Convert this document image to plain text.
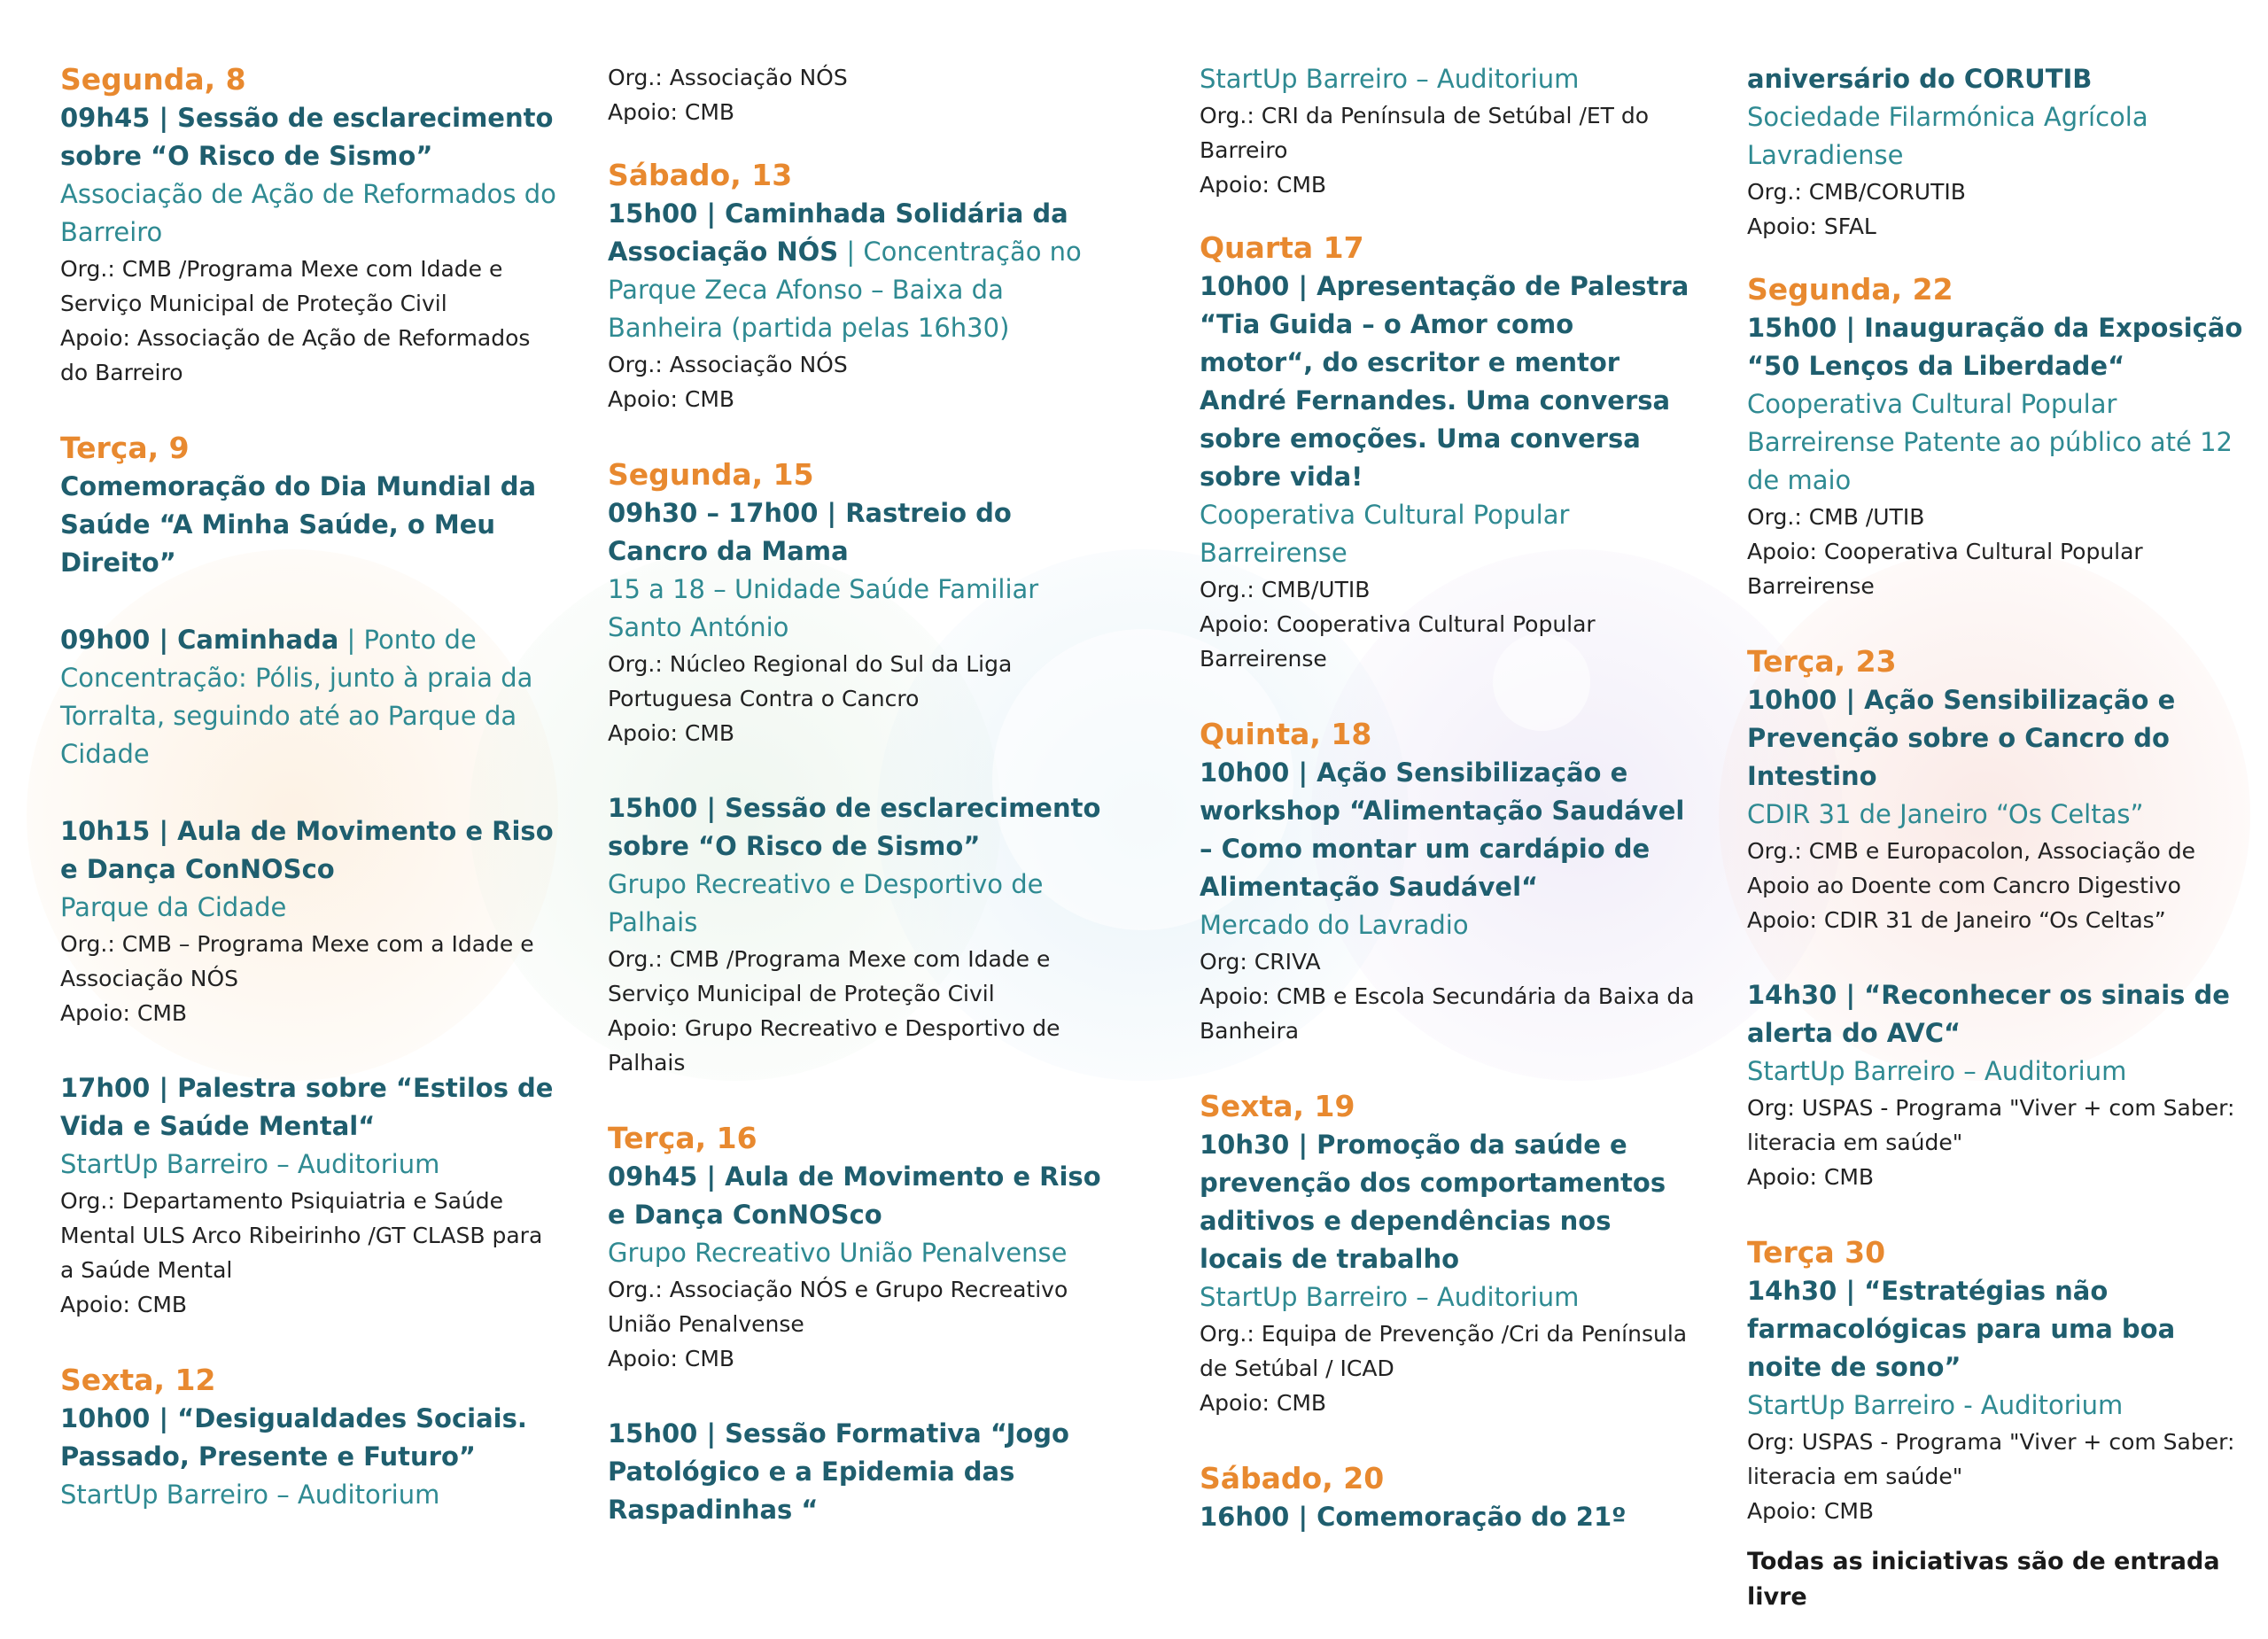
Segunda, 8

09h45 | Sessão de esclarecimento sobre “O Risco de Sismo”

Associação de Ação de Reformados do Barreiro

Org.: CMB /Programa Mexe com Idade e Serviço Municipal de Proteção Civil

Apoio: Associação de Ação de Reformados do Barreiro

Terça, 9

Comemoração do Dia Mundial da Saúde “A Minha Saúde, o Meu Direito”

09h00 | Caminhada | Ponto de Concentração: Pólis, junto à praia da Torralta, seguindo até ao Parque da Cidade

10h15 | Aula de Movimento e Riso e Dança ConNOSco

Parque da Cidade

Org.: CMB – Programa Mexe com a Idade e Associação NÓS

Apoio: CMB

17h00 | Palestra sobre “Estilos de Vida e Saúde Mental“

StartUp Barreiro – Auditorium

Org.: Departamento Psiquiatria e Saúde Mental ULS Arco Ribeirinho /GT CLASB para a Saúde Mental

Apoio: CMB

Sexta, 12

10h00 | “Desigualdades Sociais. Passado, Presente e Futuro” StartUp Barreiro – Auditorium

Org.: Associação NÓS

Apoio: CMB

Sábado, 13

15h00 | Caminhada Solidária da Associação NÓS | Concentração no Parque Zeca Afonso – Baixa da Banheira (partida pelas 16h30)

Org.: Associação NÓS

Apoio: CMB

Segunda, 15

09h30 – 17h00 | Rastreio do Cancro da Mama

15 a 18 – Unidade Saúde Familiar Santo António

Org.: Núcleo Regional do Sul da Liga Portuguesa Contra o Cancro

Apoio: CMB

15h00 | Sessão de esclarecimento sobre “O Risco de Sismo”

Grupo Recreativo e Desportivo de Palhais

Org.: CMB /Programa Mexe com Idade e Serviço Municipal de Proteção Civil

Apoio: Grupo Recreativo e Desportivo de Palhais

Terça, 16

09h45 | Aula de Movimento e Riso e Dança ConNOSco

Grupo Recreativo União Penalvense

Org.: Associação NÓS e Grupo Recreativo União Penalvense

Apoio: CMB

15h00 | Sessão Formativa “Jogo Patológico e a Epidemia das Raspadinhas “

StartUp Barreiro – Auditorium

Org.: CRI da Península de Setúbal /ET do Barreiro

Apoio: CMB

Quarta 17

10h00 | Apresentação de Palestra “Tia Guida – o Amor como motor“, do escritor e mentor André Fernandes. Uma conversa sobre emoções. Uma conversa sobre vida!

Cooperativa Cultural Popular Barreirense

Org.: CMB/UTIB

Apoio: Cooperativa Cultural Popular Barreirense

Quinta, 18

10h00 | Ação Sensibilização e workshop “Alimentação Saudável – Como montar um cardápio de Alimentação Saudável“

Mercado do Lavradio

Org: CRIVA

Apoio: CMB e Escola Secundária da Baixa da Banheira

Sexta, 19

10h30 | Promoção da saúde e prevenção dos comportamentos aditivos e dependências nos locais de trabalho

StartUp Barreiro – Auditorium

Org.: Equipa de Prevenção /Cri da Península de Setúbal / ICAD

Apoio: CMB

Sábado, 20

16h00 | Comemoração do 21º

aniversário do CORUTIB

Sociedade Filarmónica Agrícola Lavradiense

Org.: CMB/CORUTIB

Apoio: SFAL

Segunda, 22

15h00 | Inauguração da Exposição “50 Lenços da Liberdade“ Cooperativa Cultural Popular Barreirense Patente ao público até 12 de maio

Org.: CMB /UTIB

Apoio: Cooperativa Cultural Popular Barreirense

Terça, 23

10h00 | Ação Sensibilização e Prevenção sobre o Cancro do Intestino

CDIR 31 de Janeiro “Os Celtas”

Org.: CMB e Europacolon, Associação de Apoio ao Doente com Cancro Digestivo

Apoio: CDIR 31 de Janeiro “Os Celtas”

14h30 | “Reconhecer os sinais de alerta do AVC“

StartUp Barreiro – Auditorium

Org: USPAS - Programa "Viver + com Saber: literacia em saúde"

Apoio: CMB

Terça 30

14h30 | “Estratégias não farmacológicas para uma boa noite de sono”

StartUp Barreiro - Auditorium

Org: USPAS - Programa "Viver + com Saber: literacia em saúde"

Apoio: CMB

Todas as iniciativas são de entrada livre
